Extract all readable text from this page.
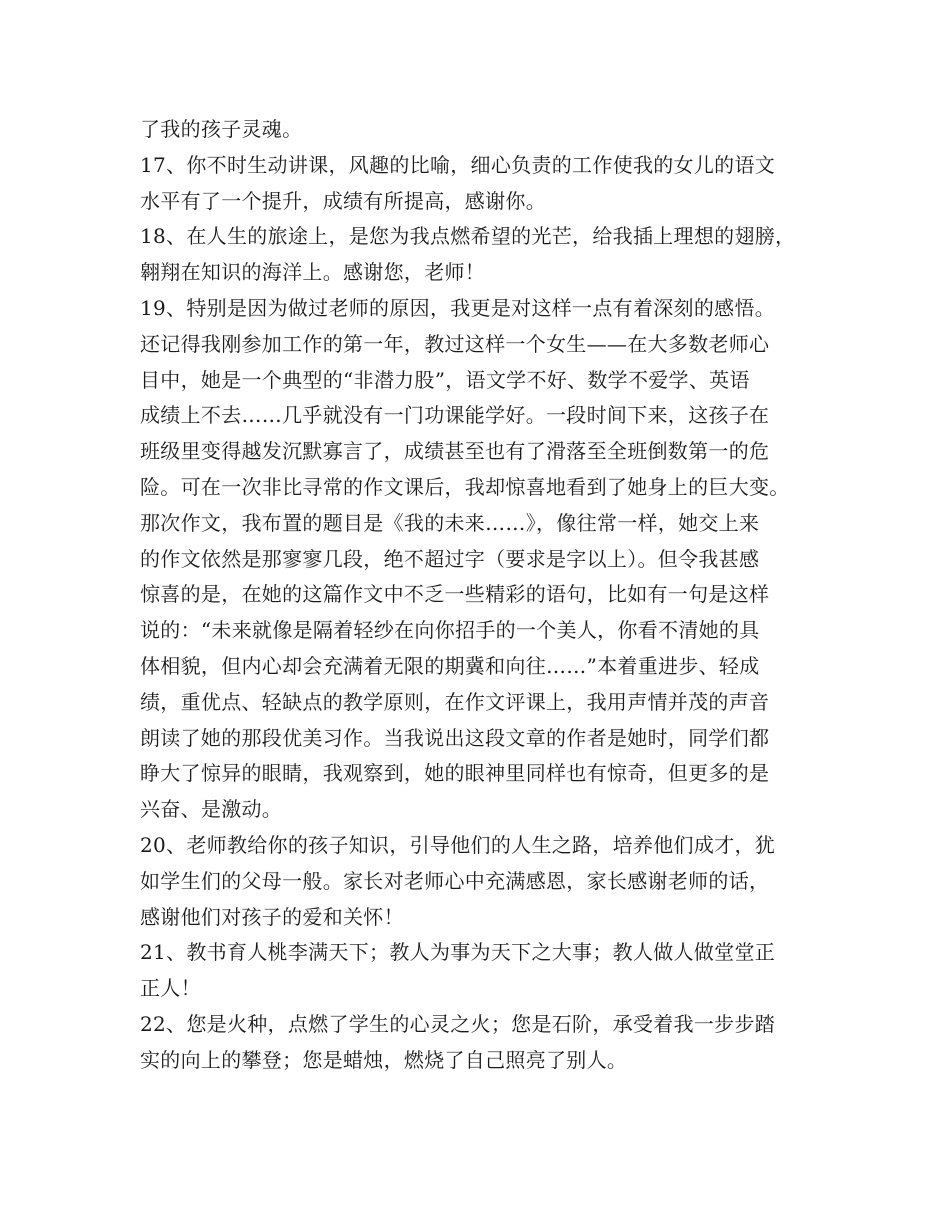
了我的孩子灵魂。
17、你不时生动讲课，风趣的比喻，细心负责的工作使我的女儿的语文
水平有了一个提升，成绩有所提高，感谢你。
18、在人生的旅途上，是您为我点燃希望的光芒，给我插上理想的翅膀，
翱翔在知识的海洋上。感谢您，老师！
19、特别是因为做过老师的原因，我更是对这样一点有着深刻的感悟。
还记得我刚参加工作的第一年，教过这样一个女生——在大多数老师心
目中，她是一个典型的“非潜力股”，语文学不好、数学不爱学、英语
成绩上不去……几乎就没有一门功课能学好。一段时间下来，这孩子在
班级里变得越发沉默寡言了，成绩甚至也有了滑落至全班倒数第一的危
险。可在一次非比寻常的作文课后，我却惊喜地看到了她身上的巨大变。
那次作文，我布置的题目是《我的未来……》，像往常一样，她交上来
的作文依然是那寥寥几段，绝不超过字（要求是字以上）。但令我甚感
惊喜的是，在她的这篇作文中不乏一些精彩的语句，比如有一句是这样
说的：“未来就像是隔着轻纱在向你招手的一个美人，你看不清她的具
体相貌，但内心却会充满着无限的期冀和向往……”本着重进步、轻成
绩，重优点、轻缺点的教学原则，在作文评课上，我用声情并茂的声音
朗读了她的那段优美习作。当我说出这段文章的作者是她时，同学们都
睁大了惊异的眼睛，我观察到，她的眼神里同样也有惊奇，但更多的是
兴奋、是激动。
20、老师教给你的孩子知识，引导他们的人生之路，培养他们成才，犹
如学生们的父母一般。家长对老师心中充满感恩，家长感谢老师的话，
感谢他们对孩子的爱和关怀！
21、教书育人桃李满天下；教人为事为天下之大事；教人做人做堂堂正
正人！
22、您是火种，点燃了学生的心灵之火；您是石阶，承受着我一步步踏
实的向上的攀登；您是蜡烛，燃烧了自己照亮了别人。
